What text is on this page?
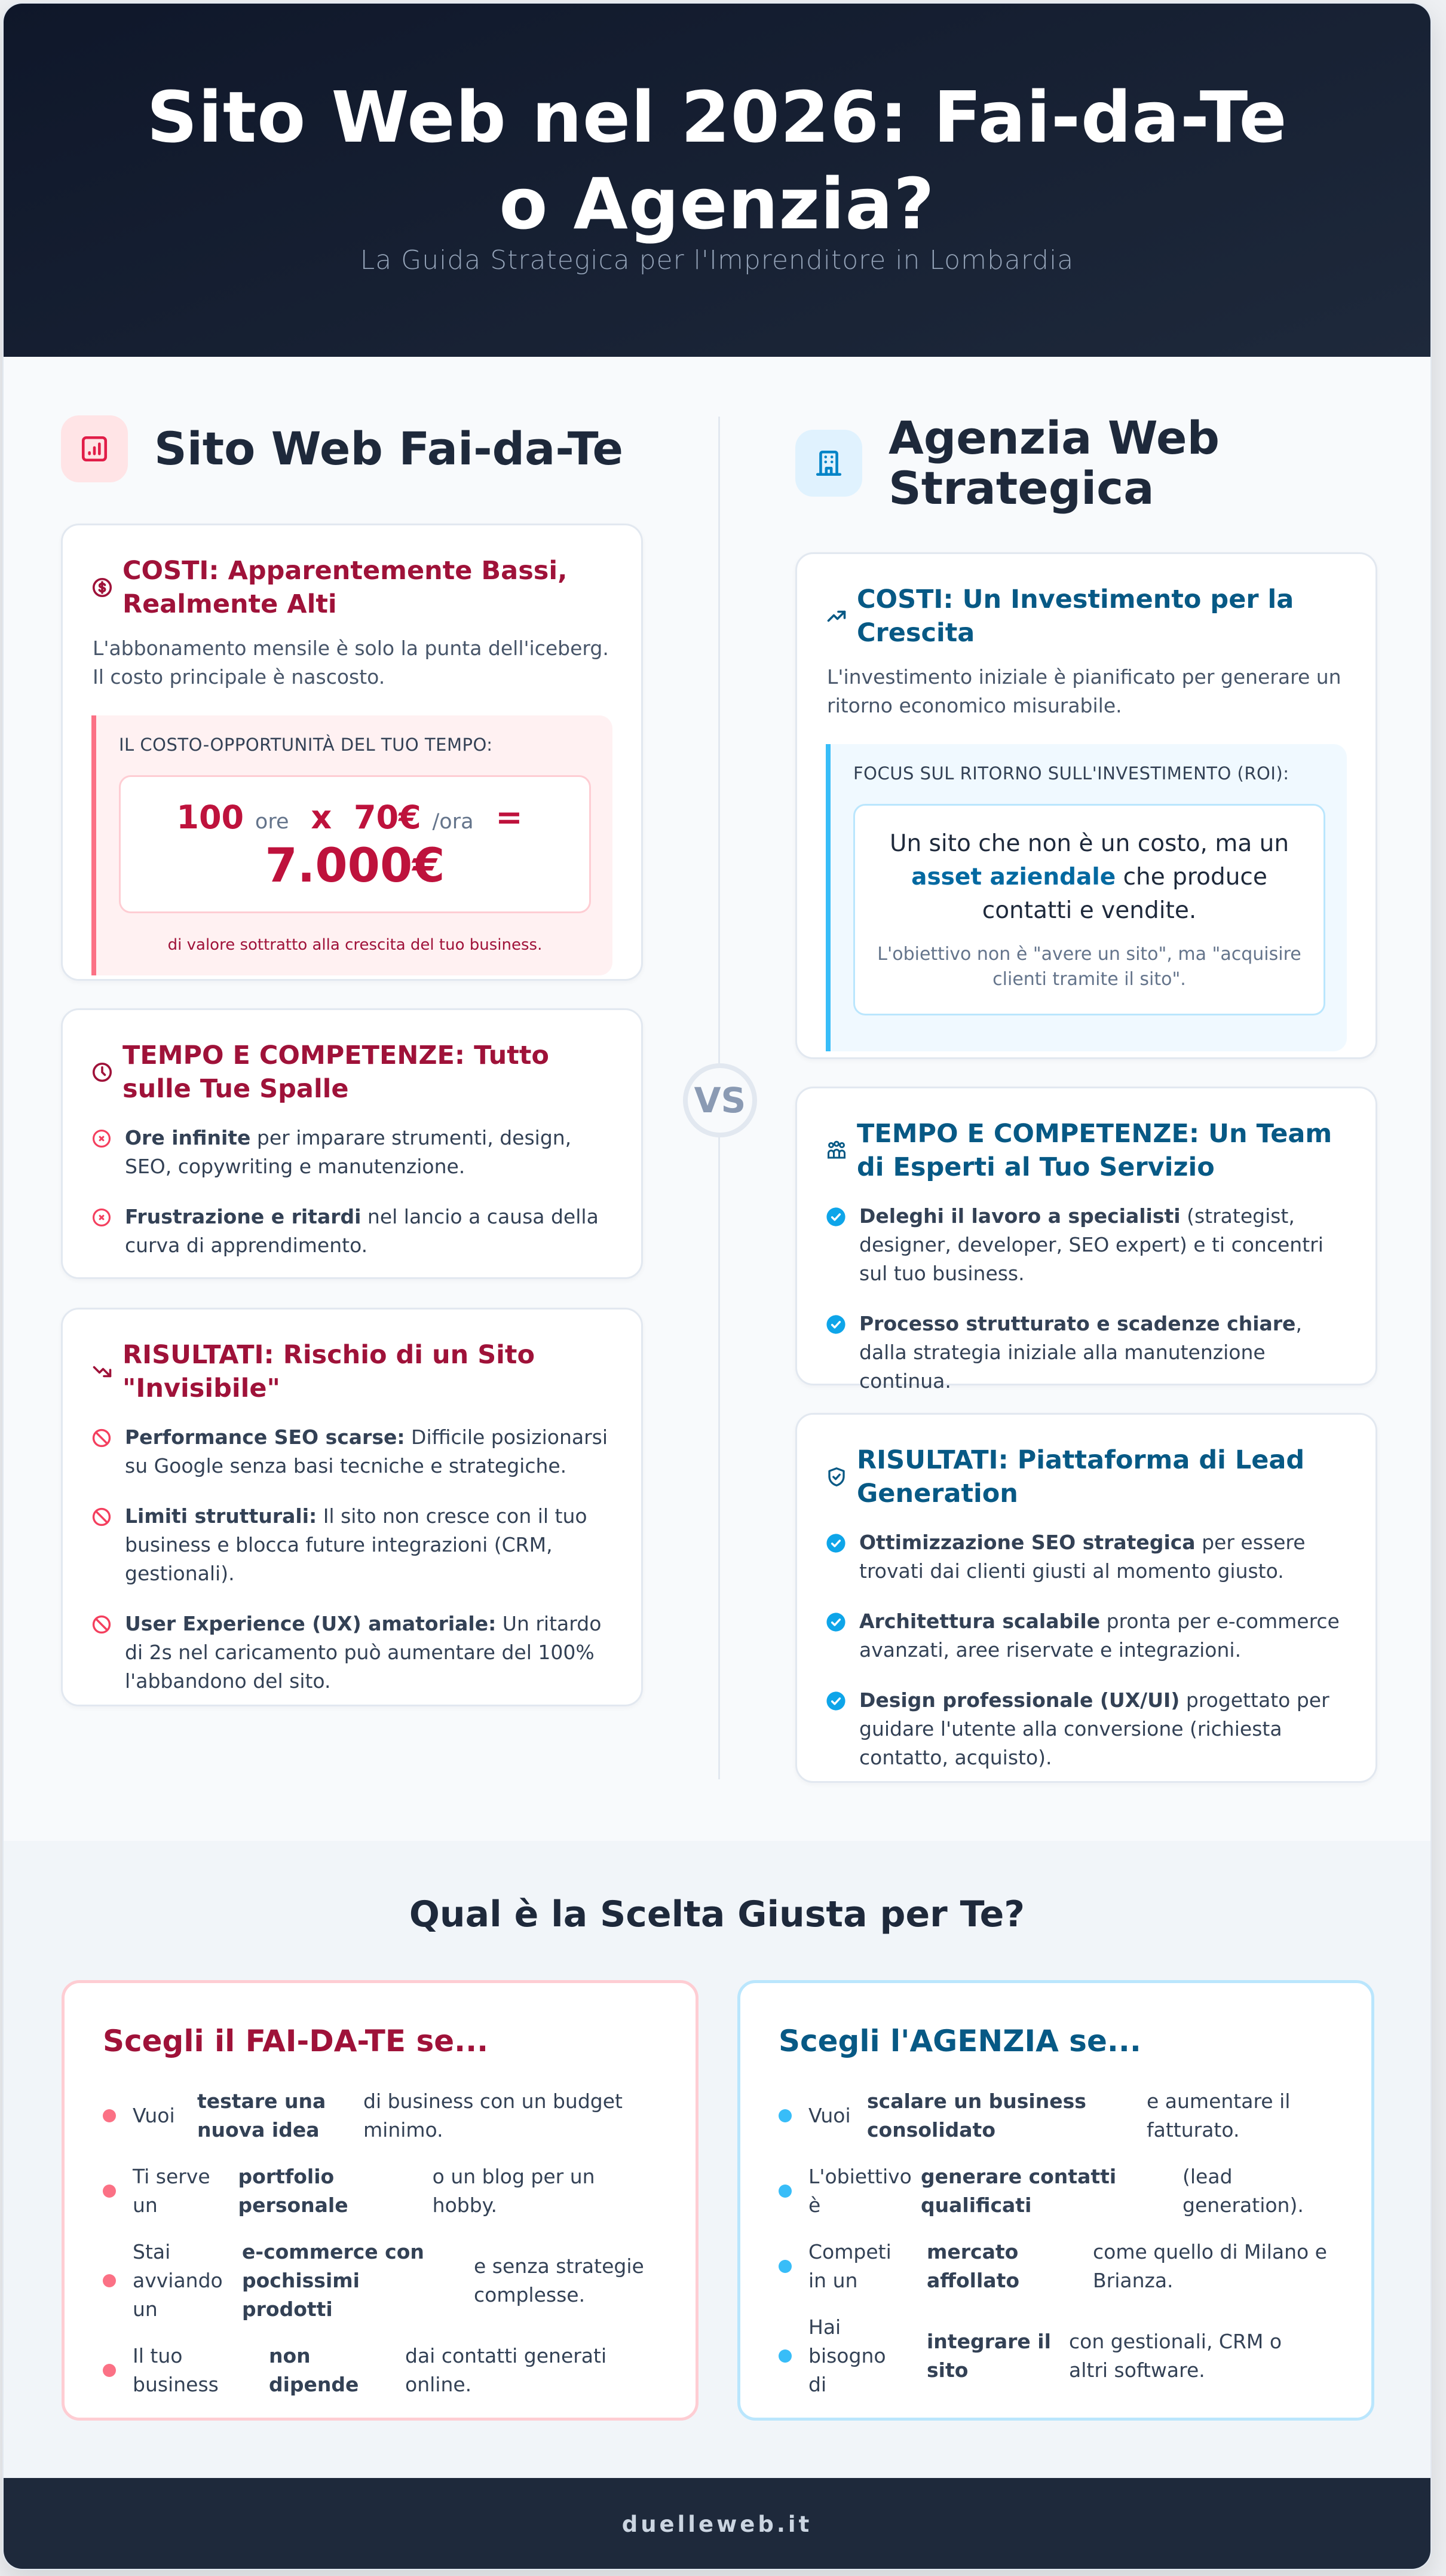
Sito Web nel 2026: Fai-da-Te o Agenzia?
La Guida Strategica per l'Imprenditore in Lombardia
VS
Sito Web Fai-da-Te
COSTI: Apparentemente Bassi, Realmente Alti

L'abbonamento mensile è solo la punta dell'iceberg. Il costo principale è nascosto.

IL COSTO-OPPORTUNITÀ DEL TUO TEMPO:
100 ore x 70€ /ora =
7.000€
di valore sottratto alla crescita del tuo business.
TEMPO E COMPETENZE: Tutto sulle Tue Spalle
Ore infinite per imparare strumenti, design, SEO, copywriting e manutenzione.
Frustrazione e ritardi nel lancio a causa della curva di apprendimento.
RISULTATI: Rischio di un Sito "Invisibile"
Performance SEO scarse: Difficile posizionarsi su Google senza basi tecniche e strategiche.
Limiti strutturali: Il sito non cresce con il tuo business e blocca future integrazioni (CRM, gestionali).
User Experience (UX) amatoriale: Un ritardo di 2s nel caricamento può aumentare del 100% l'abbandono del sito.
Agenzia Web Strategica
COSTI: Un Investimento per la Crescita

L'investimento iniziale è pianificato per generare un ritorno economico misurabile.

FOCUS SUL RITORNO SULL'INVESTIMENTO (ROI):
Un sito che non è un costo, ma un asset aziendale che produce contatti e vendite.
L'obiettivo non è "avere un sito", ma "acquisire clienti tramite il sito".
TEMPO E COMPETENZE: Un Team di Esperti al Tuo Servizio
Deleghi il lavoro a specialisti (strategist, designer, developer, SEO expert) e ti concentri sul tuo business.
Processo strutturato e scadenze chiare, dalla strategia iniziale alla manutenzione continua.
RISULTATI: Piattaforma di Lead Generation
Ottimizzazione SEO strategica per essere trovati dai clienti giusti al momento giusto.
Architettura scalabile pronta per e-commerce avanzati, aree riservate e integrazioni.
Design professionale (UX/UI) progettato per guidare l'utente alla conversione (richiesta contatto, acquisto).
Qual è la Scelta Giusta per Te?
Scegli il FAI-DA-TE se...
Vuoi
testare una nuova idea
di business con un budget minimo.
Ti serve un
portfolio personale
o un blog per un hobby.
Stai avviando un
e-commerce con pochissimi prodotti
e senza strategie complesse.
Il tuo business
non dipende
dai contatti generati online.
Scegli l'AGENZIA se...
Vuoi
scalare un business consolidato
e aumentare il fatturato.
L'obiettivo è
generare contatti qualificati
(lead generation).
Competi in un
mercato affollato
come quello di Milano e Brianza.
Hai bisogno di
integrare il sito
con gestionali, CRM o altri software.
duelleweb.it
